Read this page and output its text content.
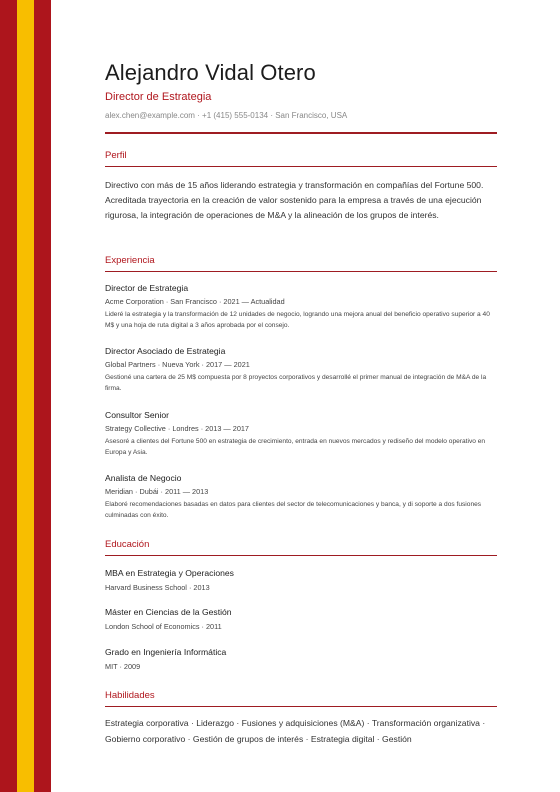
Alejandro Vidal Otero
Director de Estrategia
alex.chen@example.com · +1 (415) 555-0134 · San Francisco, USA
Perfil

Directivo con más de 15 años liderando estrategia y transformación en compañías del Fortune 500. Acreditada trayectoria en la creación de valor sostenido para la empresa a través de una ejecución rigurosa, la integración de operaciones de M&A y la alineación de los grupos de interés.

Experiencia
Director de Estrategia
Acme Corporation · San Francisco · 2021 — Actualidad
Lideré la estrategia y la transformación de 12 unidades de negocio, logrando una mejora anual del beneficio operativo superior a 40 M$ y una hoja de ruta digital a 3 años aprobada por el consejo.
Director Asociado de Estrategia
Global Partners · Nueva York · 2017 — 2021
Gestioné una cartera de 25 M$ compuesta por 8 proyectos corporativos y desarrollé el primer manual de integración de M&A de la firma.
Consultor Senior
Strategy Collective · Londres · 2013 — 2017
Asesoré a clientes del Fortune 500 en estrategia de crecimiento, entrada en nuevos mercados y rediseño del modelo operativo en Europa y Asia.
Analista de Negocio
Meridian · Dubái · 2011 — 2013
Elaboré recomendaciones basadas en datos para clientes del sector de telecomunicaciones y banca, y di soporte a dos fusiones culminadas con éxito.
Educación
MBA en Estrategia y Operaciones
Harvard Business School · 2013
Máster en Ciencias de la Gestión
London School of Economics · 2011
Grado en Ingeniería Informática
MIT · 2009
Habilidades
Estrategia corporativa · Liderazgo · Fusiones y adquisiciones (M&A) · Transformación organizativa · Gobierno corporativo · Gestión de grupos de interés · Estrategia digital · Gestión
